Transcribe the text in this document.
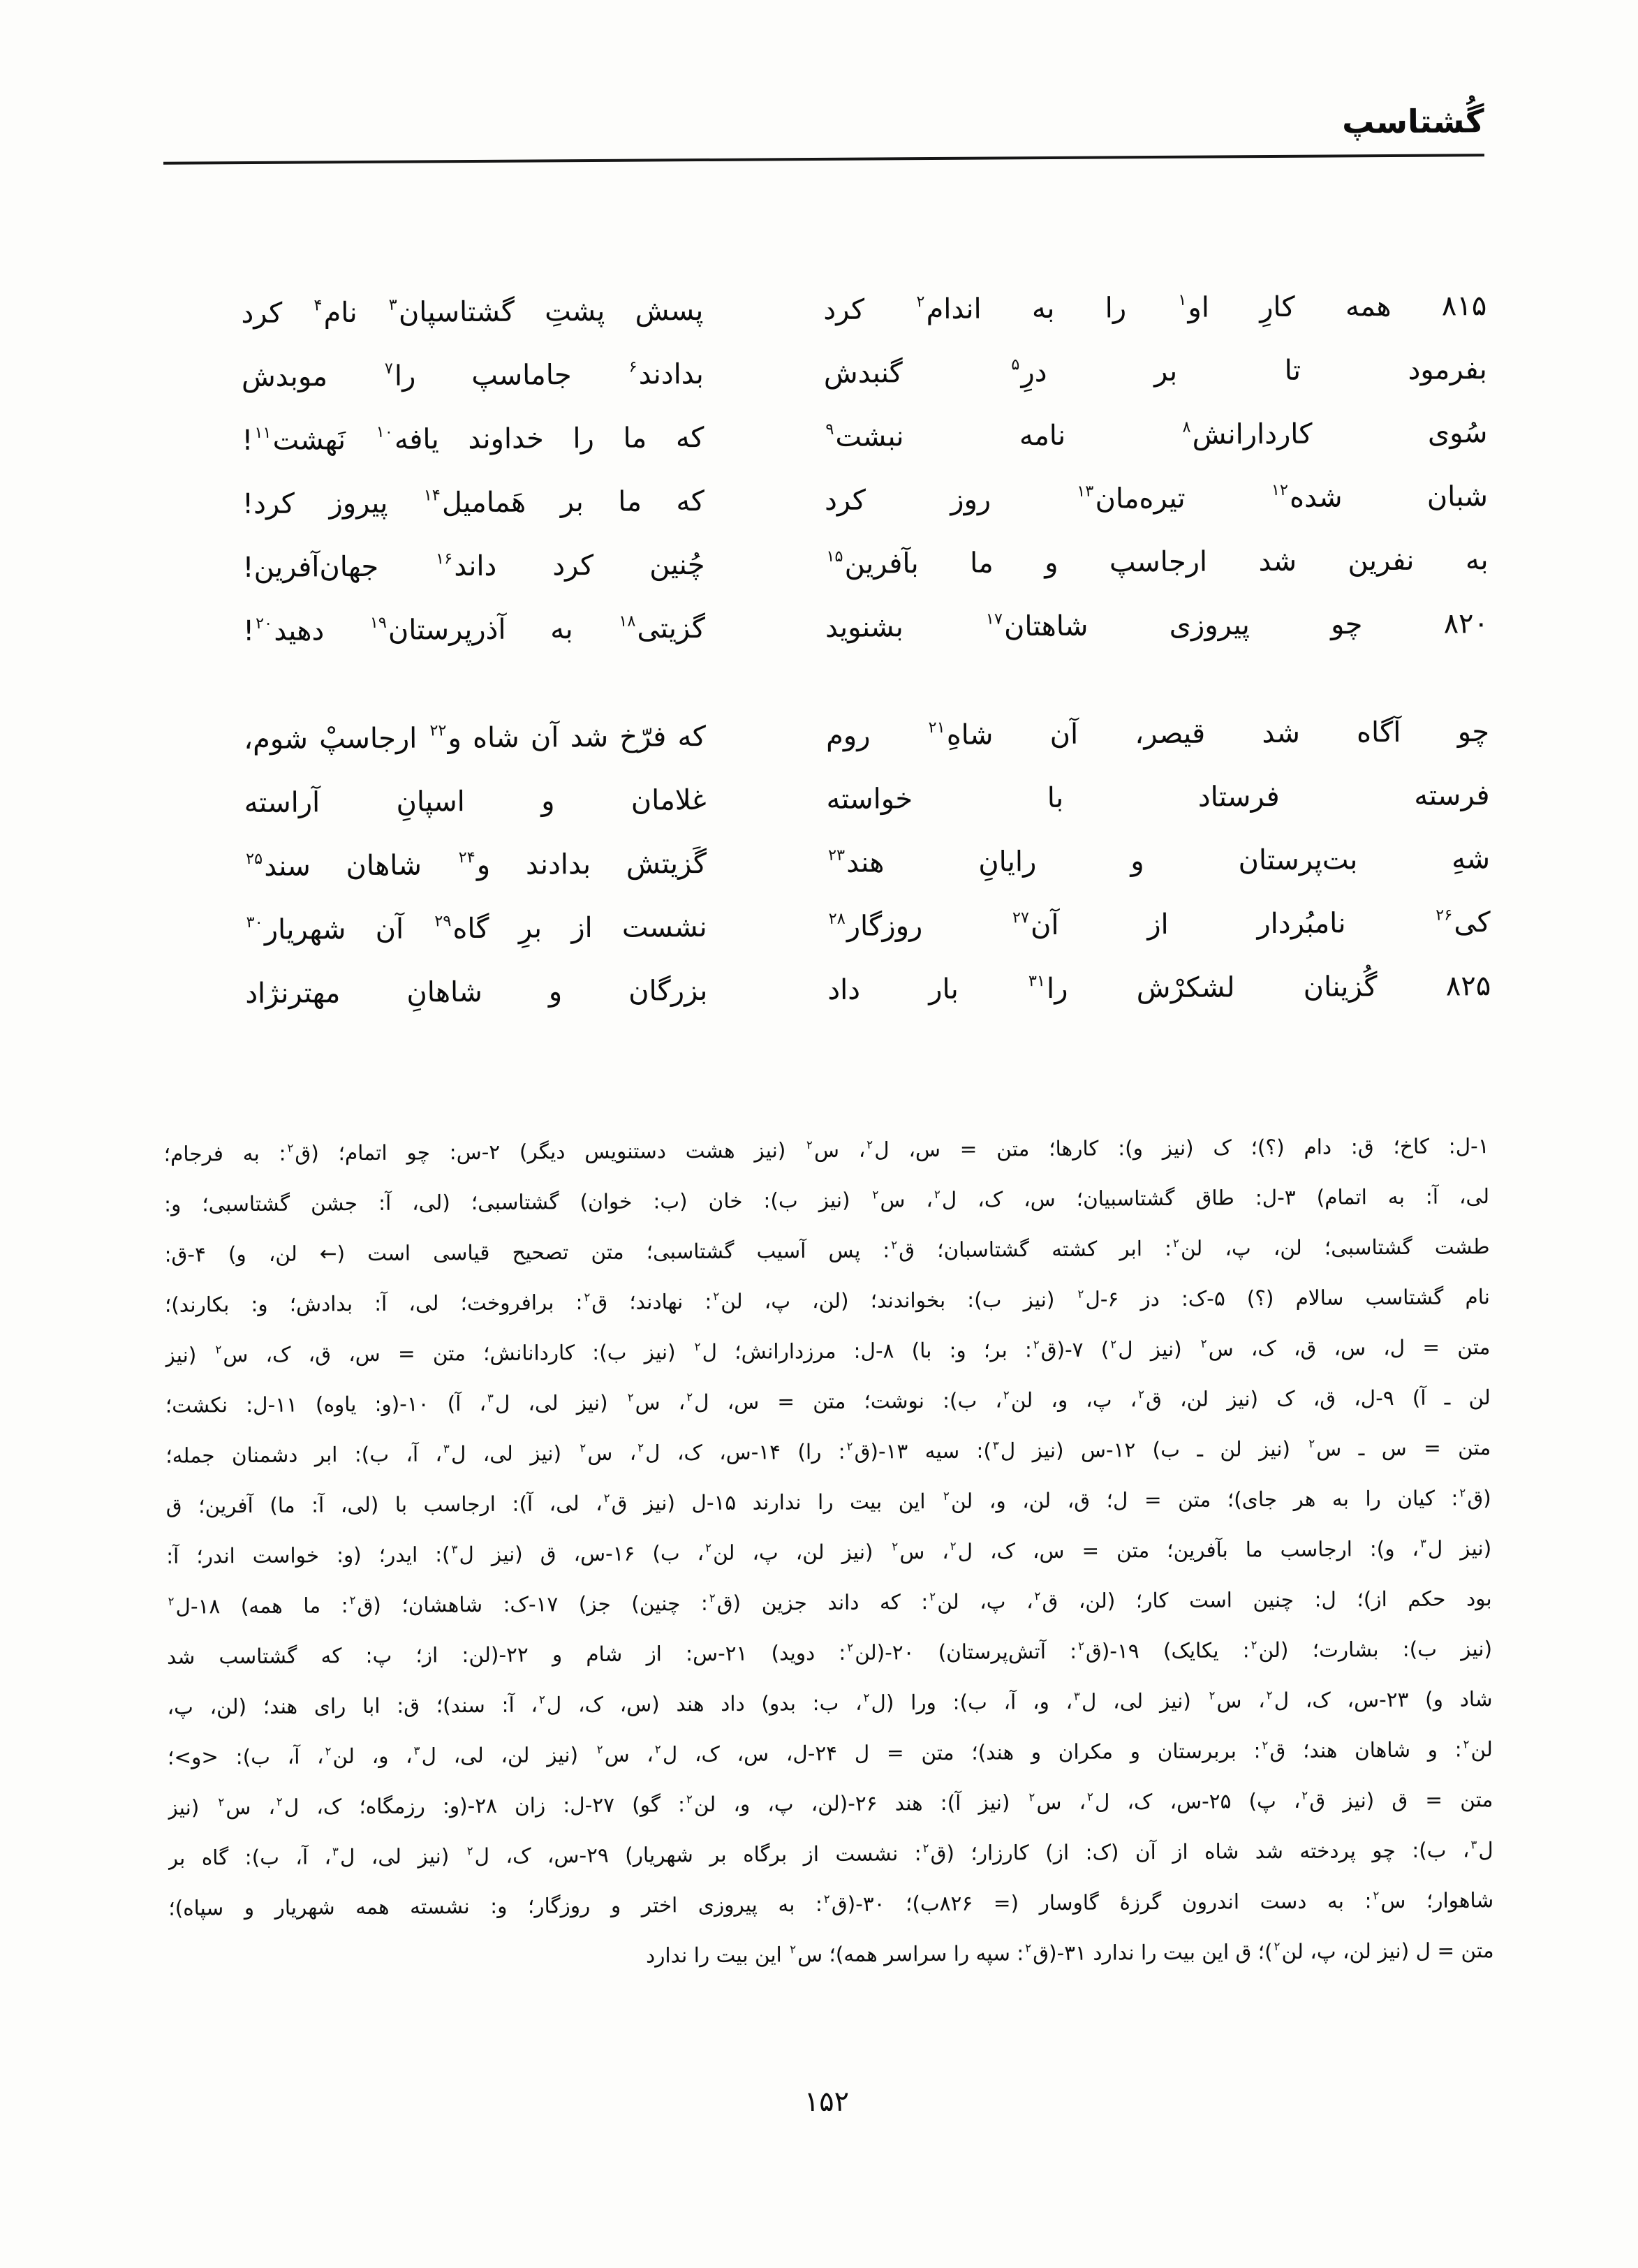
گُشتاسپ
۸۱۵
همه
کارِ
او$^۱$
را
به
اندام$^۲$
کرد
پسش
پشتِ
گشتاسپان$^۳$
نام$^۴$
کرد
بفرمود
تا
بر
درِ$^۵$
گنبدش
بدادند$^۶$
جاماسپ
را$^۷$
موبدش
سُوی
کاردارانش$^۸$
نامه
نبشت$^۹$
که
ما
را
خداوند
یافه$^{۱۰}$
نَهشت$^{۱۱}$!
شبان
شده$^{۱۲}$
تیره‌مان$^{۱۳}$
روز
کرد
که
ما
بر
هَمامیل$^{۱۴}$
پیروز
کرد!
به
نفرین
شد
ارجاسپ
و
ما
بآفرین$^{۱۵}$
چُنین
کرد
داند$^{۱۶}$
جهان‌آفرین!
۸۲۰
چو
پیروزی
شاهتان$^{۱۷}$
بشنوید
گزیتی$^{۱۸}$
به
آذرپرستان$^{۱۹}$
دهید$^{۲۰}$!
چو
آگاه
شد
قیصر،
آن
شاهِ$^{۲۱}$
روم
که
فرّخ
شد
آن
شاه
و$^{۲۲}$
ارجاسپْ
شوم،
فرسته
فرستاد
با
خواسته
غلامان
و
اسپانِ
آراسته
شهِ
بت‌پرستان
و
رایانِ
هند$^{۲۳}$
گَزیتش
بدادند
و$^{۲۴}$
شاهان
سند$^{۲۵}$
کی$^{۲۶}$
نامبُردار
از
آن$^{۲۷}$
روزگار$^{۲۸}$
نشست
از
برِ
گاه$^{۲۹}$
آن
شهریار$^{۳۰}$
۸۲۵
گُزینان
لشکرْش
را$^{۳۱}$
بار
داد
بزرگان
و
شاهانِ
مهترنژاد
۱-ل: کاخ؛ ق: دام (؟)؛ ک (نیز و): کارها؛ متن = س، ل$^۲$، س$^۲$ (نیز هشت دستنویس دیگر) ۲-س: چو اتمام؛ (ق$^۲$: به فرجام؛
لی، آ: به اتمام) ۳-ل: طاق گشتاسبیان؛ س، ک، ل$^۲$، س$^۲$ (نیز ب): خان (ب: خوان) گشتاسبی؛ (لی، آ: جشن گشتاسبی؛ و:
طشت گشتاسبی؛ لن، پ، لن$^۲$: ابر کشته گشتاسبان؛ ق$^۲$: پس آسیب گشتاسبی؛ متن تصحیح قیاسی است (← لن، و) ۴-ق:
نام گشتاسب سالام (؟) ۵-ک: دز ۶-ل$^۲$ (نیز ب): بخواندند؛ (لن، پ، لن$^۲$: نهادند؛ ق$^۲$: برافروخت؛ لی، آ: بدادش؛ و: بکارند)؛
متن = ل، س، ق، ک، س$^۲$ (نیز ل$^۲$) ۷-(ق$^۲$: بر؛ و: با) ۸-ل: مرزدارانش؛ ل$^۲$ (نیز ب): کاردانانش؛ متن = س، ق، ک، س$^۲$ (نیز
لن ـ آ) ۹-ل، ق، ک (نیز لن، ق$^۲$، پ، و، لن$^۲$، ب): نوشت؛ متن = س، ل$^۲$، س$^۲$ (نیز لی، ل$^۳$، آ) ۱۰-(و: یاوه) ۱۱-ل: نکشت؛
متن = س ـ س$^۲$ (نیز لن ـ ب) ۱۲-س (نیز ل$^۳$): سیه ۱۳-(ق$^۲$: را) ۱۴-س، ک، ل$^۲$، س$^۲$ (نیز لی، ل$^۳$، آ، ب): ابر دشمنان جمله؛
(ق$^۲$: کیان را به هر جای)؛ متن = ل؛ ق، لن، و، لن$^۲$ این بیت را ندارند ۱۵-ل (نیز ق$^۲$، لی، آ): ارجاسب با (لی، آ: ما) آفرین؛ ق
(نیز ل$^۳$، و): ارجاسب ما بآفرین؛ متن = س، ک، ل$^۲$، س$^۲$ (نیز لن، پ، لن$^۲$، ب) ۱۶-س، ق (نیز ل$^۳$): ایدر؛ (و: خواست اندر؛ آ:
بود حکم از)؛ ل: چنین است کار؛ (لن، ق$^۲$، پ، لن$^۲$: که داند جزین (ق$^۲$: چنین) جز) ۱۷-ک: شاهشان؛ (ق$^۲$: ما همه) ۱۸-ل$^۲$
(نیز ب): بشارت؛ (لن$^۲$: یکایک) ۱۹-(ق$^۲$: آتش‌پرستان) ۲۰-(لن$^۲$: دوید) ۲۱-س: از شام و ۲۲-(لن: از؛ پ: که گشتاسب شد
شاد و) ۲۳-س، ک، ل$^۲$، س$^۲$ (نیز لی، ل$^۳$، و، آ، ب): ورا (ل$^۲$، ب: بدو) داد هند (س، ک، ل$^۲$، آ: سند)؛ ق: ابا رای هند؛ (لن، پ،
لن$^۲$: و شاهان هند؛ ق$^۲$: بربرستان و مکران و هند)؛ متن = ل ۲۴-ل، س، ک، ل$^۲$، س$^۲$ (نیز لن، لی، ل$^۳$، و، لن$^۲$، آ، ب): <و>؛
متن = ق (نیز ق$^۲$، پ) ۲۵-س، ک، ل$^۲$، س$^۲$ (نیز آ): هند ۲۶-(لن، پ، و، لن$^۲$: گو) ۲۷-ل: زان ۲۸-(و: رزمگاه؛ ک، ل$^۲$، س$^۲$ (نیز
ل$^۳$، ب): چو پردخته شد شاه از آن (ک: از) کارزار؛ (ق$^۲$: نشست از برگاه بر شهریار) ۲۹-س، ک، ل$^۲$ (نیز لی، ل$^۳$، آ، ب): گاه بر
شاهوار؛ س$^۲$: به دست اندرون گرزهٔ گاوسار (= ۸۲۶ب)؛ ۳۰-(ق$^۲$: به پیروزی اختر و روزگار؛ و: نشسته همه شهریار و سپاه)؛
متن = ل (نیز لن، پ، لن$^۲$)؛ ق این بیت را ندارد ۳۱-(ق$^۲$: سپه را سراسر همه)؛ س$^۲$ این بیت را ندارد
۱۵۲
